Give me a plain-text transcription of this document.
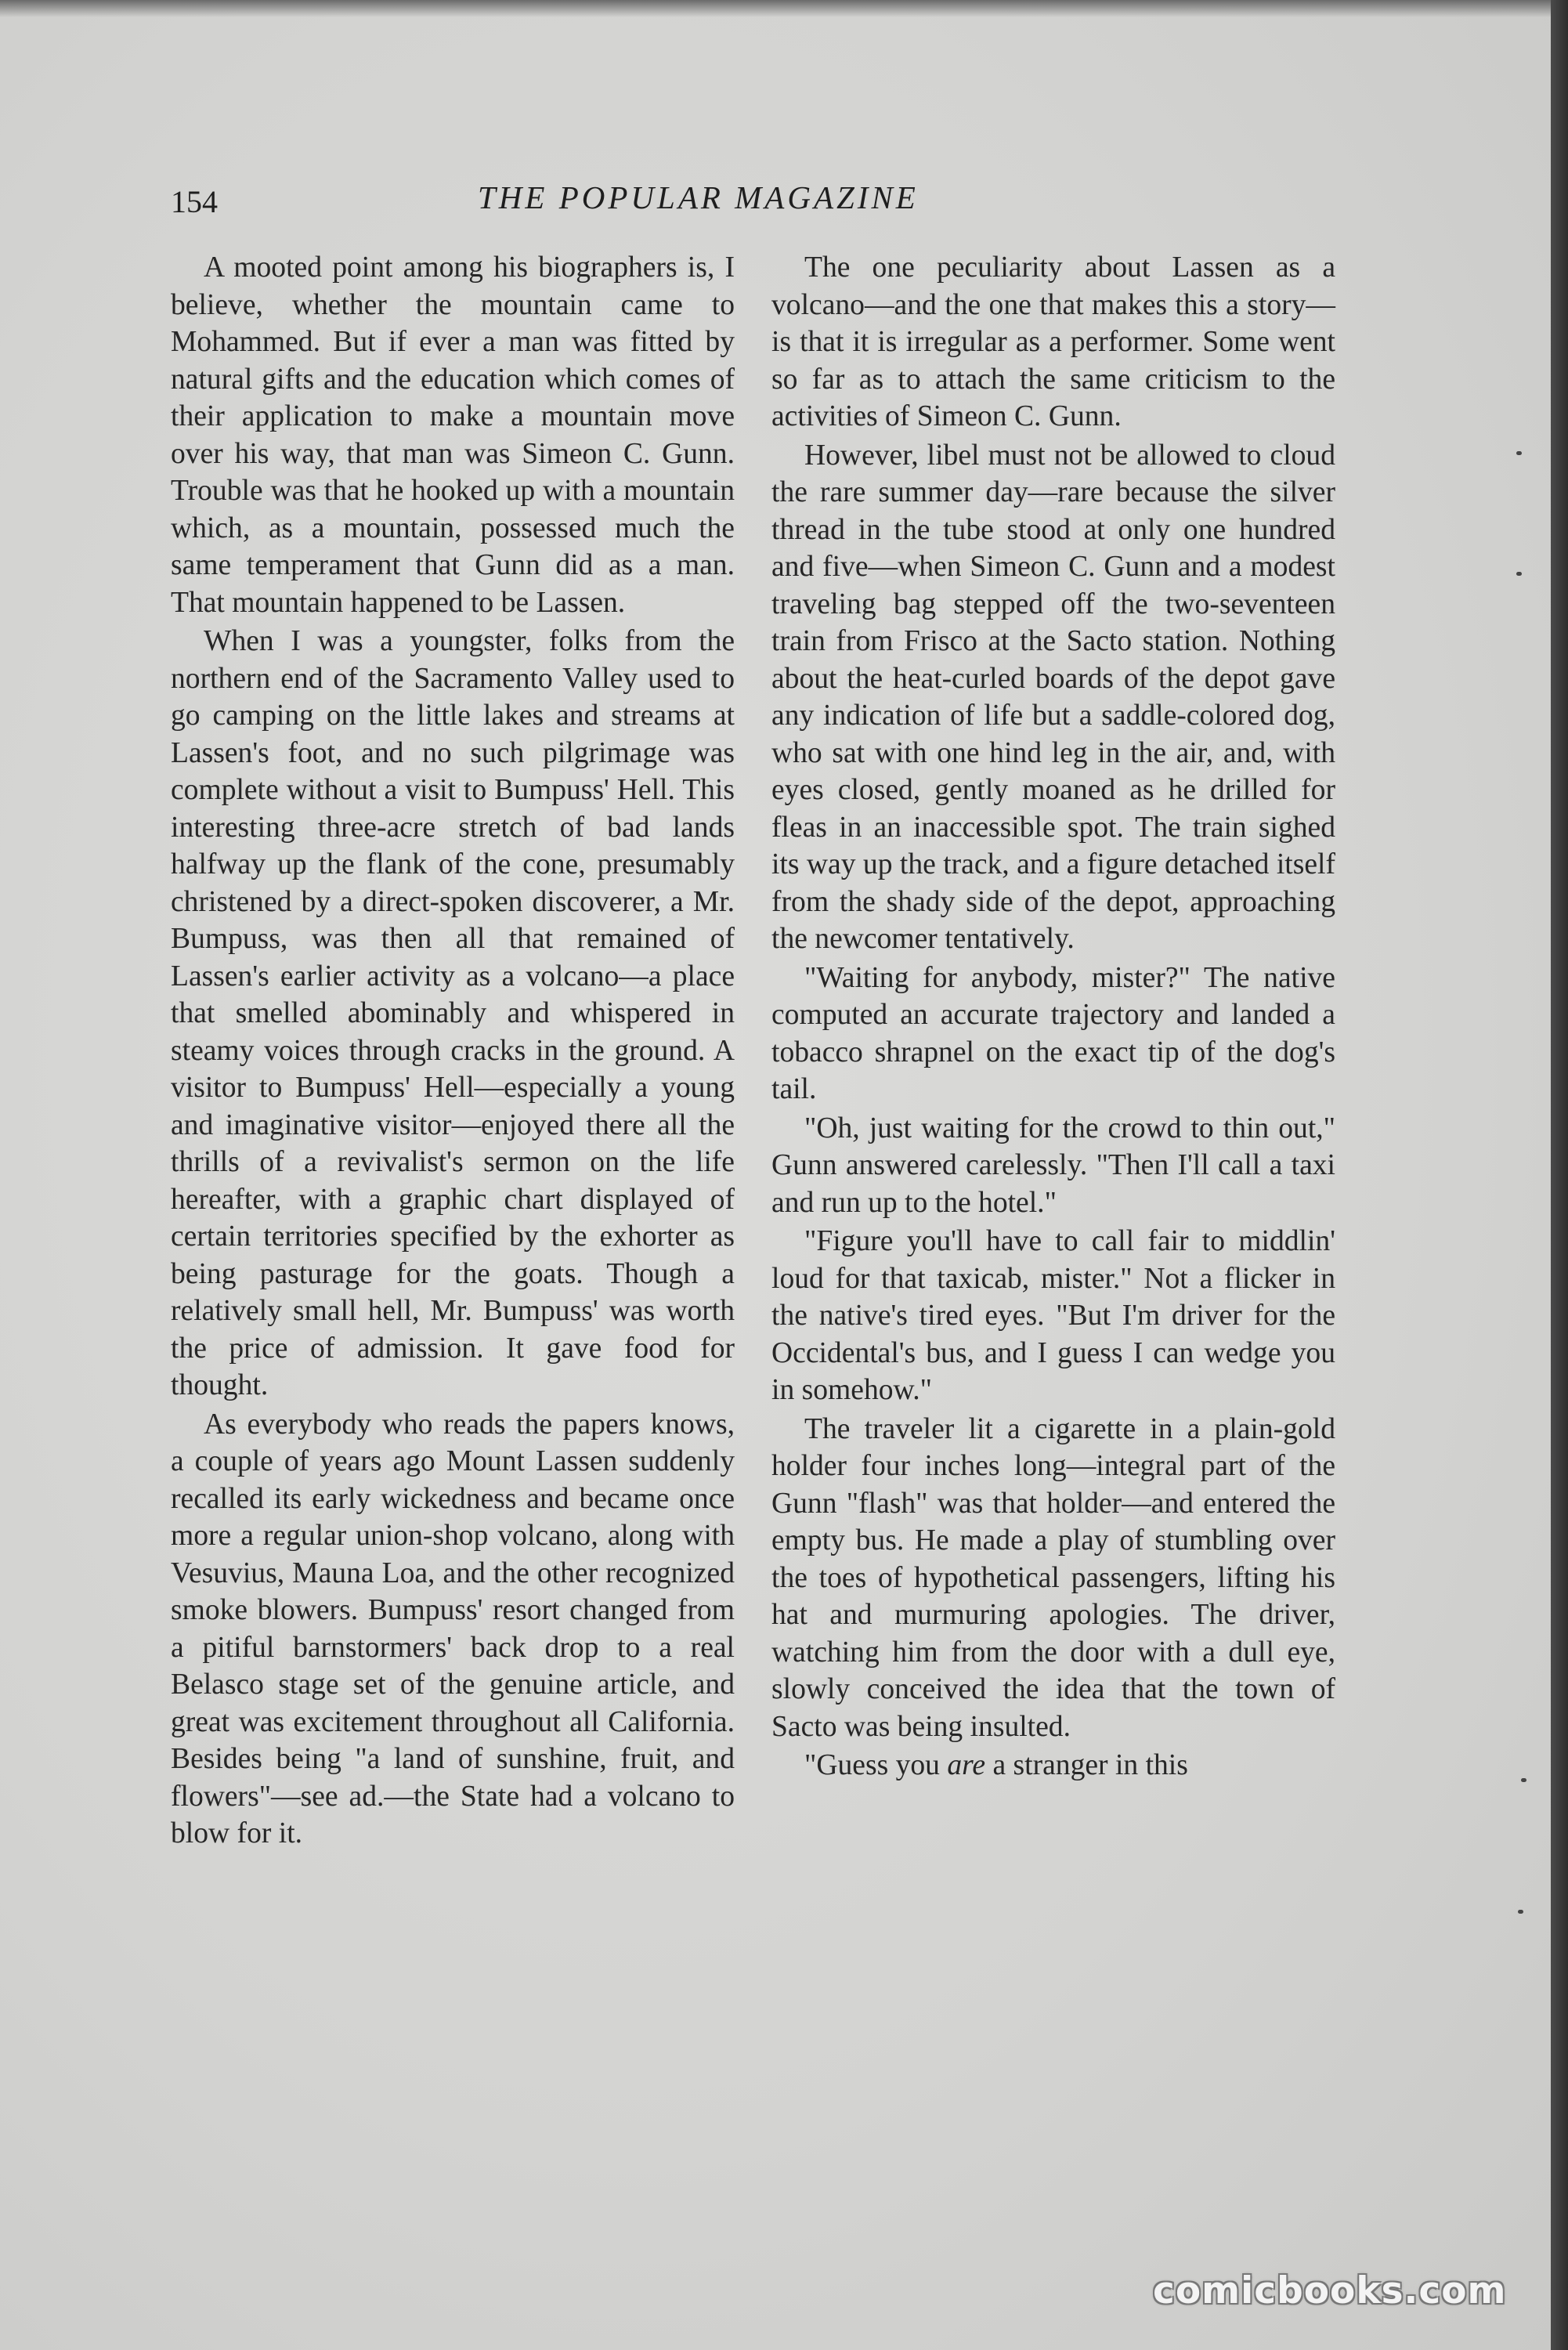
154	THE POPULAR MAGAZINE

A mooted point among his biographers is, I believe, whether the mountain came to Mohammed. But if ever a man was fitted by natural gifts and the education which comes of their application to make a mountain move over his way, that man was Simeon C. Gunn. Trouble was that he hooked up with a mountain which, as a mountain, possessed much the same temperament that Gunn did as a man. That mountain happened to be Lassen.

When I was a youngster, folks from the northern end of the Sacramento Valley used to go camping on the little lakes and streams at Lassen's foot, and no such pilgrimage was complete without a visit to Bumpuss' Hell. This interesting three-acre stretch of bad lands halfway up the flank of the cone, presumably christened by a direct-spoken discoverer, a Mr. Bumpuss, was then all that remained of Lassen's earlier activity as a volcano—a place that smelled abominably and whispered in steamy voices through cracks in the ground. A visitor to Bumpuss' Hell—especially a young and imaginative visitor—enjoyed there all the thrills of a revivalist's sermon on the life hereafter, with a graphic chart displayed of certain territories specified by the exhorter as being pasturage for the goats. Though a relatively small hell, Mr. Bumpuss' was worth the price of admission. It gave food for thought.

As everybody who reads the papers knows, a couple of years ago Mount Lassen suddenly recalled its early wickedness and became once more a regular union-shop volcano, along with Vesuvius, Mauna Loa, and the other recognized smoke blowers. Bumpuss' resort changed from a pitiful barnstormers' back drop to a real Belasco stage set of the genuine article, and great was excitement throughout all California. Besides being "a land of sunshine, fruit, and flowers"—see ad.—the State had a volcano to blow for it.

The one peculiarity about Lassen as a volcano—and the one that makes this a story—is that it is irregular as a performer. Some went so far as to attach the same criticism to the activities of Simeon C. Gunn.

However, libel must not be allowed to cloud the rare summer day—rare because the silver thread in the tube stood at only one hundred and five—when Simeon C. Gunn and a modest traveling bag stepped off the two-seventeen train from Frisco at the Sacto station. Nothing about the heat-curled boards of the depot gave any indication of life but a saddle-colored dog, who sat with one hind leg in the air, and, with eyes closed, gently moaned as he drilled for fleas in an inaccessible spot. The train sighed its way up the track, and a figure detached itself from the shady side of the depot, approaching the newcomer tentatively.

"Waiting for anybody, mister?" The native computed an accurate trajectory and landed a tobacco shrapnel on the exact tip of the dog's tail.

"Oh, just waiting for the crowd to thin out," Gunn answered carelessly. "Then I'll call a taxi and run up to the hotel."

"Figure you'll have to call fair to middlin' loud for that taxicab, mister." Not a flicker in the native's tired eyes. "But I'm driver for the Occidental's bus, and I guess I can wedge you in somehow."

The traveler lit a cigarette in a plain-gold holder four inches long—integral part of the Gunn "flash" was that holder—and entered the empty bus. He made a play of stumbling over the toes of hypothetical passengers, lifting his hat and murmuring apologies. The driver, watching him from the door with a dull eye, slowly conceived the idea that the town of Sacto was being insulted.

"Guess you are a stranger in this

comicbooks.com
